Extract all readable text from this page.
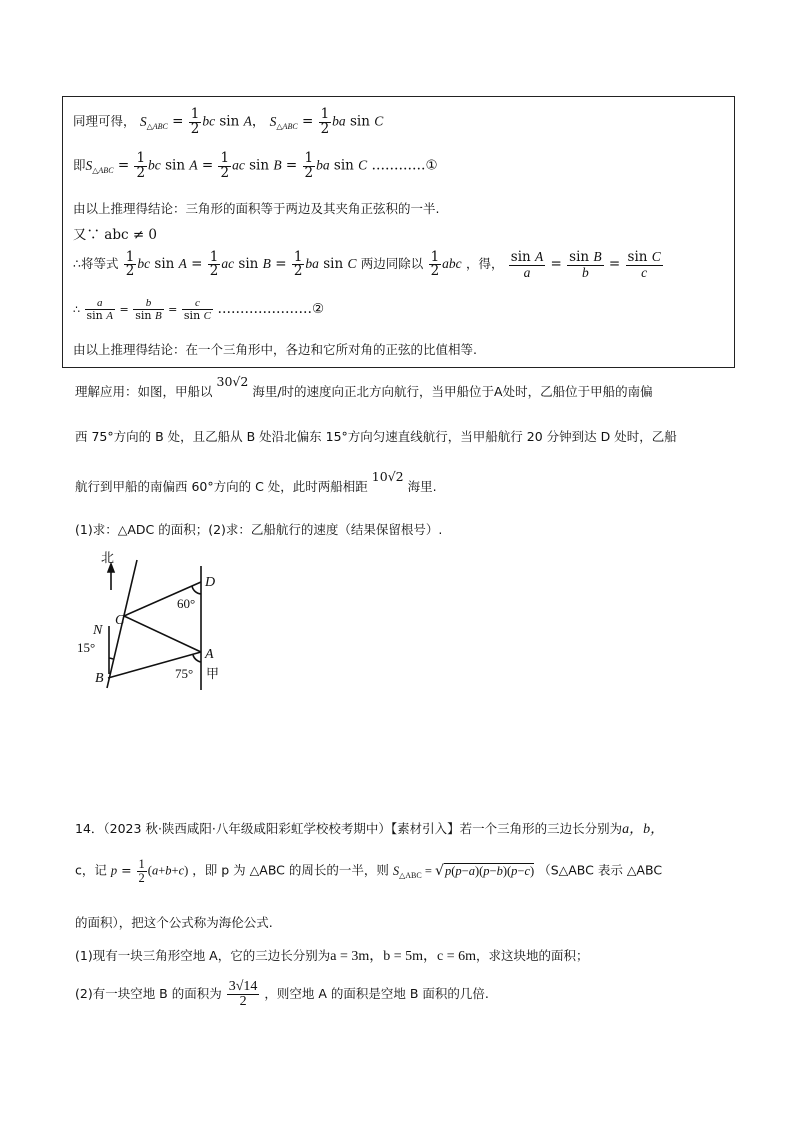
同理可得， $S_{\triangle ABC} = \frac{1}{2}$ bc sin A， $S_{\triangle ABC} = \frac{1}{2}$ ba sin C
即$S_{\triangle ABC} = \frac{1}{2}$ bc $\sin A = \frac{1}{2}$ ac $\sin B = \frac{1}{2}$ ba sin C …………①
由以上推理得结论：三角形的面积等于两边及其夹角正弦积的一半.
又∵ abc ≠ 0
∴将等式 $\frac{1}{2}$ bc $\sin A = \frac{1}{2}$ ac $\sin B = \frac{1}{2}$ ba sin C 两边同除以 $\frac{1}{2}$ abc ，得， $\frac{\text{sin A}}{a} = \frac{\text{sin B}}{b} = \frac{\text{sin C}}{c}$
∴ $\frac{a}{\text{sin A}} = \frac{b}{\text{sin B}} = \frac{c}{\text{sin C}}$ …………………②
由以上推理得结论：在一个三角形中，各边和它所对角的正弦的比值相等.
理解应用：如图，甲船以 30√2 海里/时的速度向正北方向航行，当甲船位于A处时，乙船位于甲船的南偏
西 75°方向的 B 处，且乙船从 B 处沿北偏东 15°方向匀速直线航行，当甲船航行 20 分钟到达 D 处时，乙船
航行到甲船的南偏西 60°方向的 C 处，此时两船相距 10√2 海里.
(1)求：△ADC 的面积；(2)求：乙船航行的速度（结果保留根号）.
北
D
C
N
A
B
60°
15°
75° 甲
14．（2023 秋·陕西咸阳·八年级咸阳彩虹学校校考期中）【素材引入】若一个三角形的三边长分别为a，b，
c，记 $p = \frac{1}{2} (a+b+c)$ ，即 p 为 △ABC 的周长的一半，则 $S_{\triangle ABC} = √p(p-a)(p-b)(p-c)$ （S△ABC 表示 △ABC
的面积），把这个公式称为海伦公式.
(1)现有一块三角形空地 A，它的三边长分别为a = 3m，b = 5m，c = 6m，求这块地的面积；
(2)有一块空地 B 的面积为 $\frac{3√14}{2}$ ，则空地 A 的面积是空地 B 面积的几倍.
